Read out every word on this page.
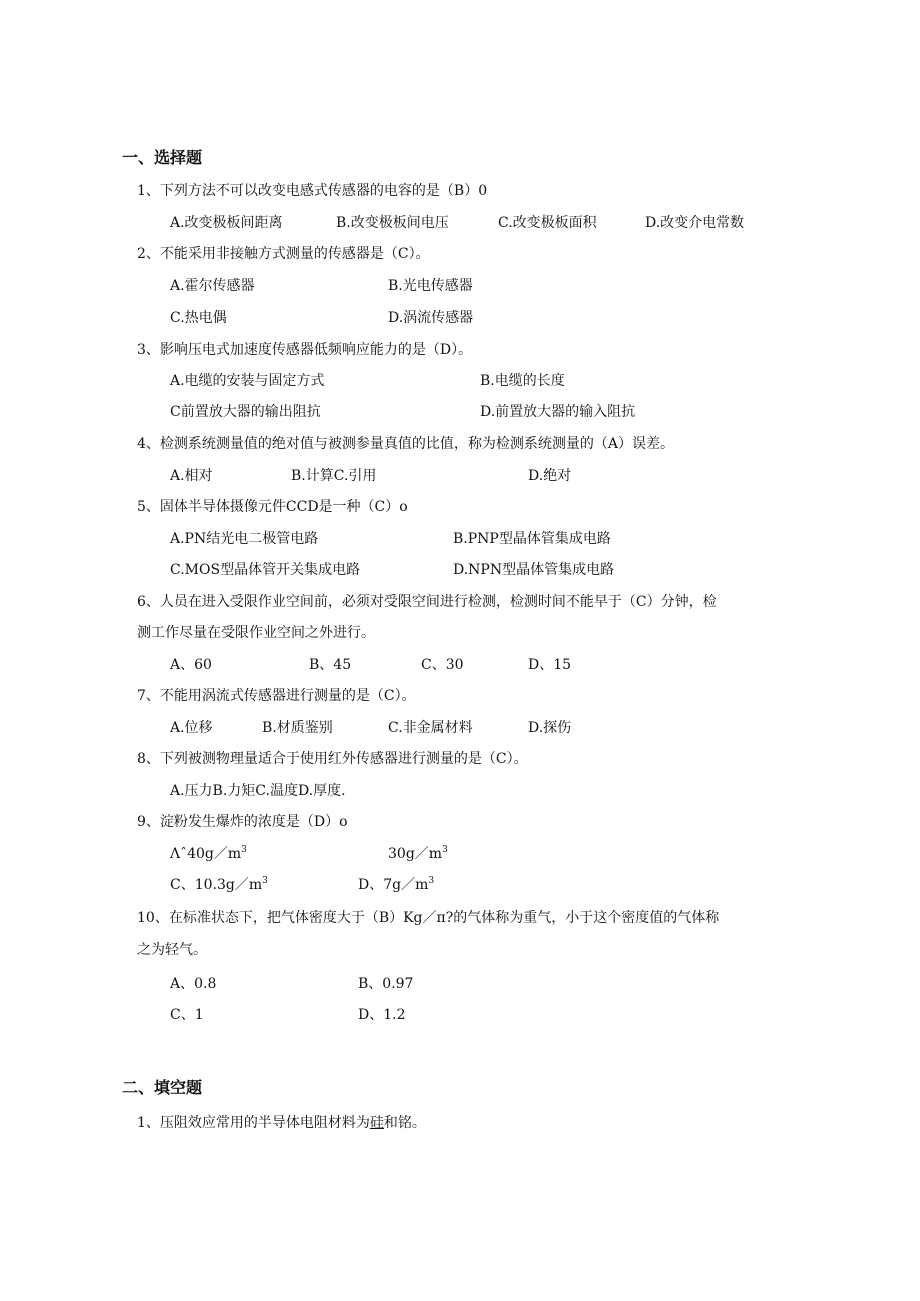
一、选择题
1、下列方法不可以改变电感式传感器的电容的是（B）0
A.改变极板间距离	B.改变极板间电压	C.改变极板面积	D.改变介电常数
2、不能采用非接触方式测量的传感器是（C）。
A.霍尔传感器	B.光电传感器
C.热电偶	D.涡流传感器
3、影响压电式加速度传感器低频响应能力的是（D）。
A.电缆的安装与固定方式	B.电缆的长度
C前置放大器的输出阻抗	D.前置放大器的输入阻抗
4、检测系统测量值的绝对值与被测参量真值的比值，称为检测系统测量的（A）误差。
A.相对	B.计算C.引用	D.绝对
5、固体半导体摄像元件CCD是一种（C）o
A.PN结光电二极管电路	B.PNP型晶体管集成电路
C.MOS型晶体管开关集成电路	D.NPN型晶体管集成电路
6、人员在进入受限作业空间前，必须对受限空间进行检测，检测时间不能早于（C）分钟，检
测工作尽量在受限作业空间之外进行。
A、60	B、45	C、30	D、15
7、不能用涡流式传感器进行测量的是（C）。
A.位移	B.材质鉴别	C.非金属材料	D.探伤
8、下列被测物理量适合于使用红外传感器进行测量的是（C）。
A.压力B.力矩C.温度D.厚度.
9、淀粉发生爆炸的浓度是（D）o
$\Lambda ˆ40g/m^3$	$30g/m^3$
C、$10.3g/m^3$	D、$7g/m^3$
10、在标准状态下，把气体密度大于（B）Kg／π?的气体称为重气，小于这个密度值的气体称
之为轻气。
A、0.8	B、0.97
C、1	D、1.2
二、填空题
1、压阻效应常用的半导体电阻材料为硅和铭。
